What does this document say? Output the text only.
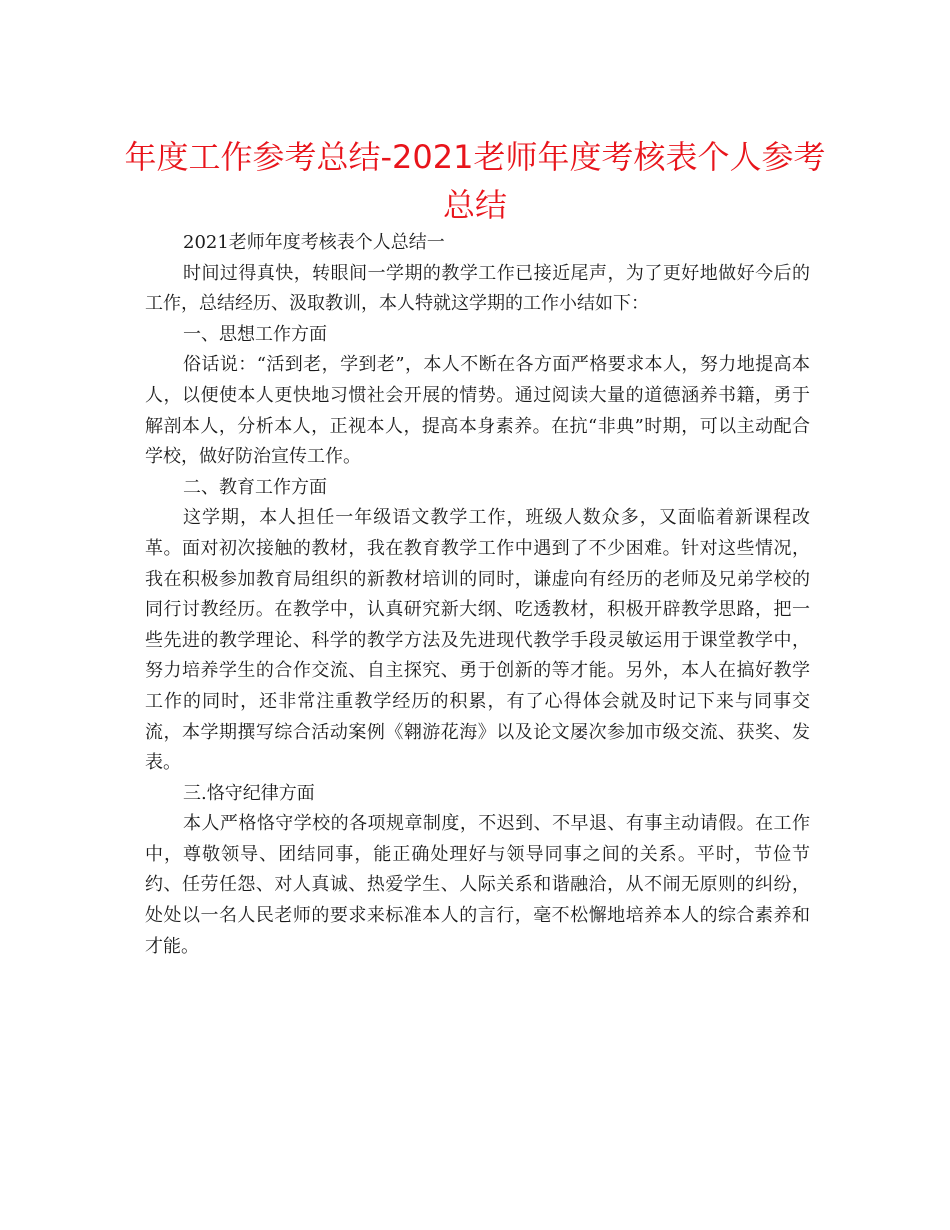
年度工作参考总结-2021老师年度考核表个人参考总结

2021老师年度考核表个人总结一

时间过得真快，转眼间一学期的教学工作已接近尾声，为了更好地做好今后的工作，总结经历、汲取教训，本人特就这学期的工作小结如下：

一、思想工作方面

俗话说：“活到老，学到老”，本人不断在各方面严格要求本人，努力地提高本人，以便使本人更快地习惯社会开展的情势。通过阅读大量的道德涵养书籍，勇于解剖本人，分析本人，正视本人，提高本身素养。在抗“非典”时期，可以主动配合学校，做好防治宣传工作。

二、教育工作方面

这学期，本人担任一年级语文教学工作，班级人数众多，又面临着新课程改革。面对初次接触的教材，我在教育教学工作中遇到了不少困难。针对这些情况，我在积极参加教育局组织的新教材培训的同时，谦虚向有经历的老师及兄弟学校的同行讨教经历。在教学中，认真研究新大纲、吃透教材，积极开辟教学思路，把一些先进的教学理论、科学的教学方法及先进现代教学手段灵敏运用于课堂教学中，努力培养学生的合作交流、自主探究、勇于创新的等才能。另外，本人在搞好教学工作的同时，还非常注重教学经历的积累，有了心得体会就及时记下来与同事交流，本学期撰写综合活动案例《翱游花海》以及论文屡次参加市级交流、获奖、发表。

三.恪守纪律方面

本人严格恪守学校的各项规章制度，不迟到、不早退、有事主动请假。在工作中，尊敬领导、团结同事，能正确处理好与领导同事之间的关系。平时，节俭节约、任劳任怨、对人真诚、热爱学生、人际关系和谐融洽，从不闹无原则的纠纷，处处以一名人民老师的要求来标准本人的言行，毫不松懈地培养本人的综合素养和才能。
